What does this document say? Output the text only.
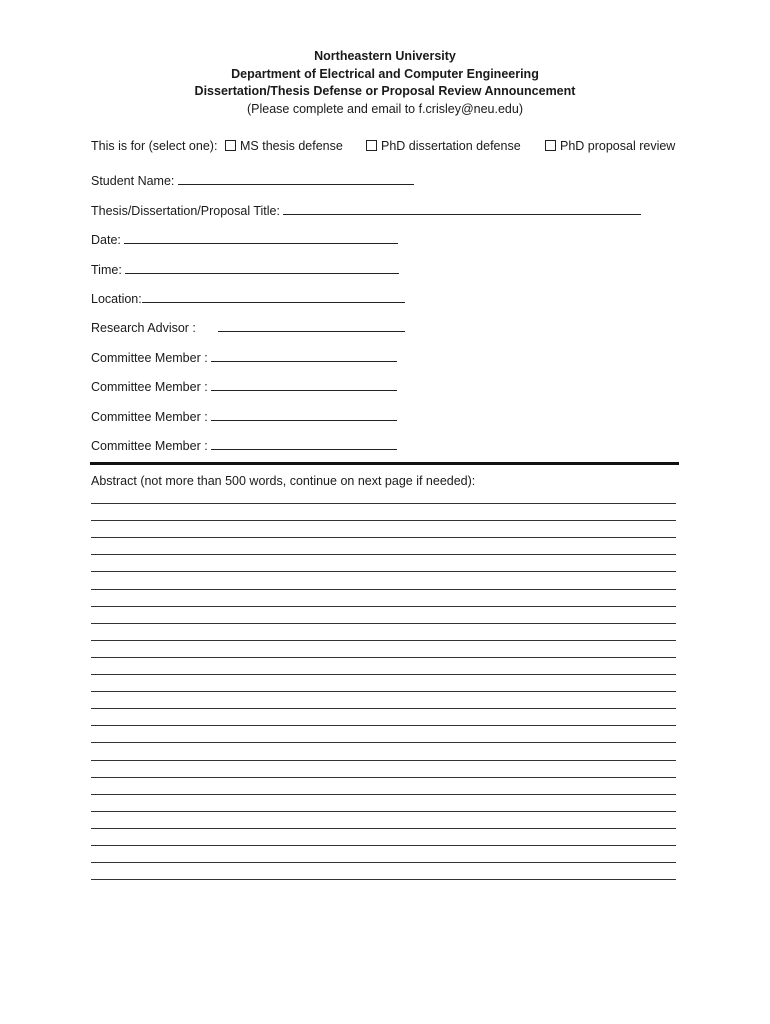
Northeastern University
Department of Electrical and Computer Engineering
Dissertation/Thesis Defense or Proposal Review Announcement
(Please complete and email to f.crisley@neu.edu)
This is for (select one):	MS thesis defense	PhD dissertation defense	PhD proposal review
Student Name:
Thesis/Dissertation/Proposal Title:
Date:
Time:
Location:
Research Advisor :
Committee Member :
Committee Member :
Committee Member :
Committee Member :
Abstract (not more than 500 words, continue on next page if needed):
